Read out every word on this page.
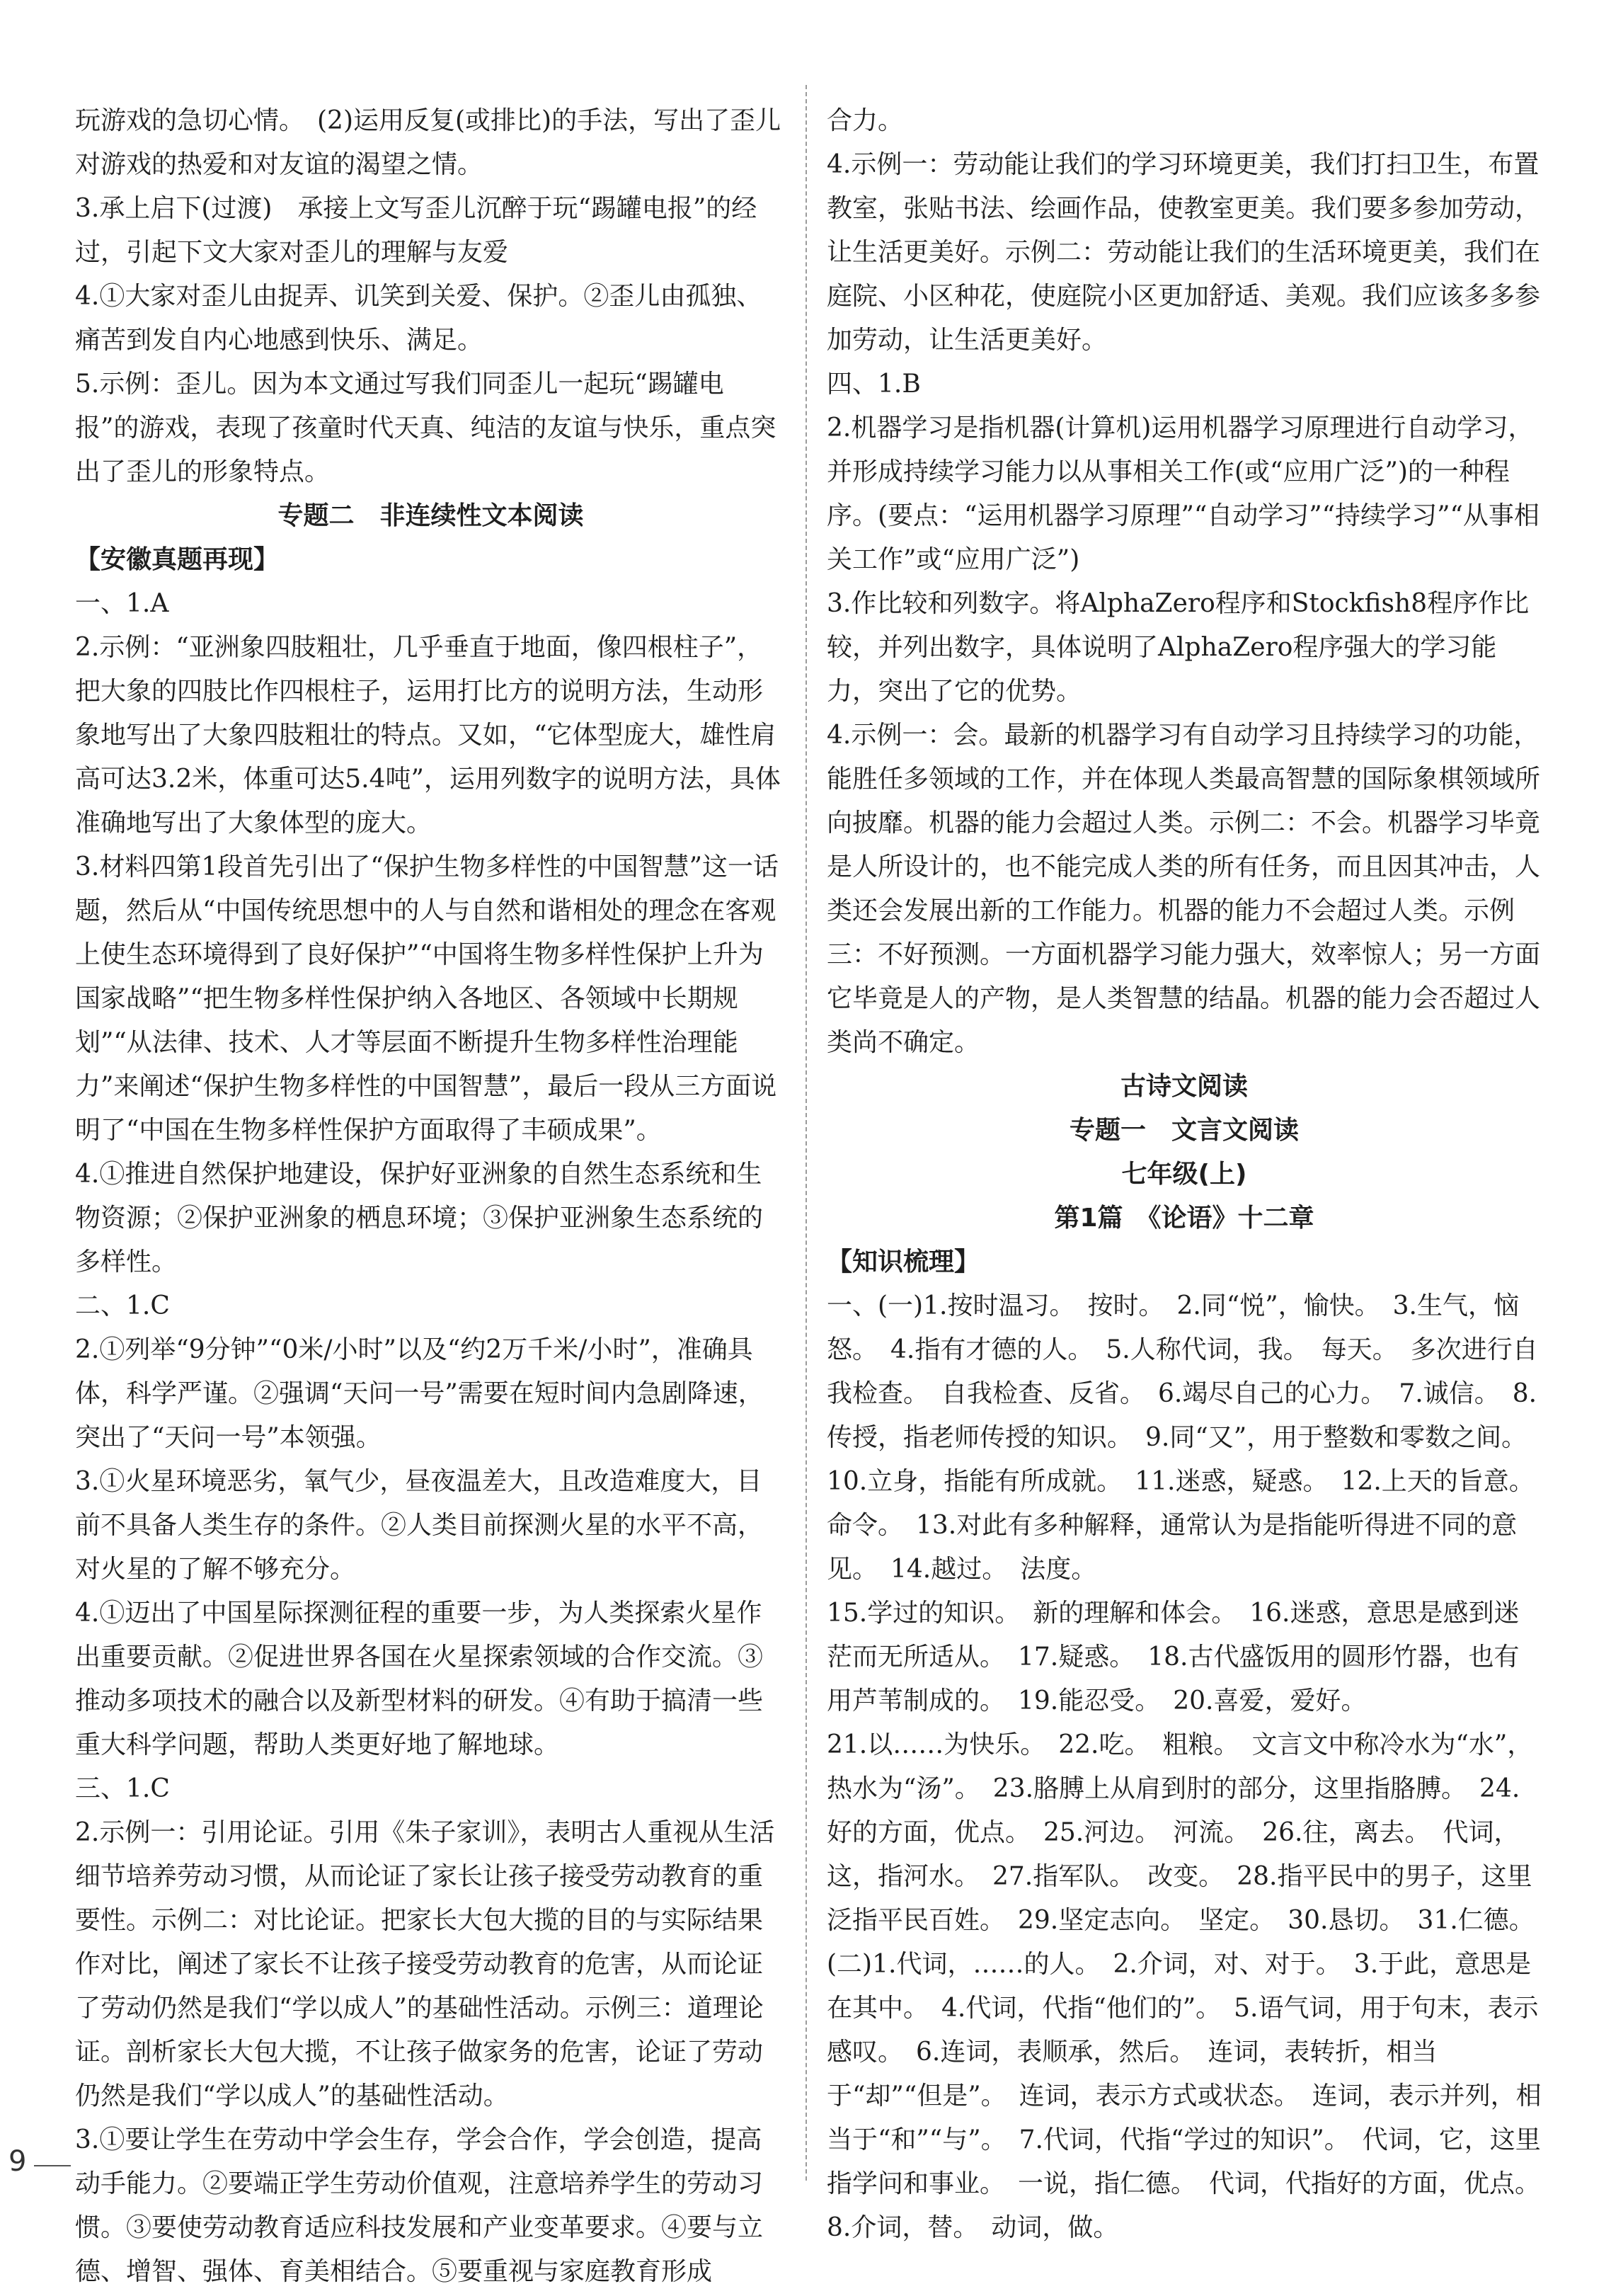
玩游戏的急切心情。　(2)运用反复(或排比)的手法，写出了歪儿对游戏的热爱和对友谊的渴望之情。

3.承上启下(过渡)　承接上文写歪儿沉醉于玩“踢罐电报”的经过，引起下文大家对歪儿的理解与友爱

4.①大家对歪儿由捉弄、讥笑到关爱、保护。②歪儿由孤独、痛苦到发自内心地感到快乐、满足。

5.示例：歪儿。因为本文通过写我们同歪儿一起玩“踢罐电报”的游戏，表现了孩童时代天真、纯洁的友谊与快乐，重点突出了歪儿的形象特点。

专题二　非连续性文本阅读

【安徽真题再现】

一、1.A

2.示例：“亚洲象四肢粗壮，几乎垂直于地面，像四根柱子”，把大象的四肢比作四根柱子，运用打比方的说明方法，生动形象地写出了大象四肢粗壮的特点。又如，“它体型庞大，雄性肩高可达3.2米，体重可达5.4吨”，运用列数字的说明方法，具体准确地写出了大象体型的庞大。

3.材料四第1段首先引出了“保护生物多样性的中国智慧”这一话题，然后从“中国传统思想中的人与自然和谐相处的理念在客观上使生态环境得到了良好保护”“中国将生物多样性保护上升为国家战略”“把生物多样性保护纳入各地区、各领域中长期规划”“从法律、技术、人才等层面不断提升生物多样性治理能力”来阐述“保护生物多样性的中国智慧”，最后一段从三方面说明了“中国在生物多样性保护方面取得了丰硕成果”。

4.①推进自然保护地建设，保护好亚洲象的自然生态系统和生物资源；②保护亚洲象的栖息环境；③保护亚洲象生态系统的多样性。

二、1.C

2.①列举“9分钟”“0米/小时”以及“约2万千米/小时”，准确具体，科学严谨。②强调“天问一号”需要在短时间内急剧降速，突出了“天问一号”本领强。

3.①火星环境恶劣，氧气少，昼夜温差大，且改造难度大，目前不具备人类生存的条件。②人类目前探测火星的水平不高，对火星的了解不够充分。

4.①迈出了中国星际探测征程的重要一步，为人类探索火星作出重要贡献。②促进世界各国在火星探索领域的合作交流。③推动多项技术的融合以及新型材料的研发。④有助于搞清一些重大科学问题，帮助人类更好地了解地球。

三、1.C

2.示例一：引用论证。引用《朱子家训》，表明古人重视从生活细节培养劳动习惯，从而论证了家长让孩子接受劳动教育的重要性。示例二：对比论证。把家长大包大揽的目的与实际结果作对比，阐述了家长不让孩子接受劳动教育的危害，从而论证了劳动仍然是我们“学以成人”的基础性活动。示例三：道理论证。剖析家长大包大揽，不让孩子做家务的危害，论证了劳动仍然是我们“学以成人”的基础性活动。

3.①要让学生在劳动中学会生存，学会合作，学会创造，提高动手能力。②要端正学生劳动价值观，注意培养学生的劳动习惯。③要使劳动教育适应科技发展和产业变革要求。④要与立德、增智、强体、育美相结合。⑤要重视与家庭教育形成

合力。

4.示例一：劳动能让我们的学习环境更美，我们打扫卫生，布置教室，张贴书法、绘画作品，使教室更美。我们要多参加劳动，让生活更美好。示例二：劳动能让我们的生活环境更美，我们在庭院、小区种花，使庭院小区更加舒适、美观。我们应该多多参加劳动，让生活更美好。

四、1.B

2.机器学习是指机器(计算机)运用机器学习原理进行自动学习，并形成持续学习能力以从事相关工作(或“应用广泛”)的一种程序。(要点：“运用机器学习原理”“自动学习”“持续学习”“从事相关工作”或“应用广泛”)

3.作比较和列数字。将AlphaZero程序和Stockfish8程序作比较，并列出数字，具体说明了AlphaZero程序强大的学习能力，突出了它的优势。

4.示例一：会。最新的机器学习有自动学习且持续学习的功能，能胜任多领域的工作，并在体现人类最高智慧的国际象棋领域所向披靡。机器的能力会超过人类。示例二：不会。机器学习毕竟是人所设计的，也不能完成人类的所有任务，而且因其冲击，人类还会发展出新的工作能力。机器的能力不会超过人类。示例三：不好预测。一方面机器学习能力强大，效率惊人；另一方面它毕竟是人的产物，是人类智慧的结晶。机器的能力会否超过人类尚不确定。

古诗文阅读

专题一　文言文阅读

七年级(上)

第1篇　《论语》十二章

【知识梳理】

一、(一)1.按时温习。　按时。　2.同“悦”，愉快。　3.生气，恼怒。　4.指有才德的人。　5.人称代词，我。　每天。　多次进行自我检查。　自我检查、反省。　6.竭尽自己的心力。　7.诚信。　8.传授，指老师传授的知识。　9.同“又”，用于整数和零数之间。　10.立身，指能有所成就。　11.迷惑，疑惑。　12.上天的旨意。　命令。　13.对此有多种解释，通常认为是指能听得进不同的意见。　14.越过。　法度。

15.学过的知识。　新的理解和体会。　16.迷惑，意思是感到迷茫而无所适从。　17.疑惑。　18.古代盛饭用的圆形竹器，也有用芦苇制成的。　19.能忍受。　20.喜爱，爱好。

21.以……为快乐。　22.吃。　粗粮。　文言文中称冷水为“水”，热水为“汤”。　23.胳膊上从肩到肘的部分，这里指胳膊。　24.好的方面，优点。　25.河边。　河流。　26.往，离去。　代词，这，指河水。　27.指军队。　改变。　28.指平民中的男子，这里泛指平民百姓。　29.坚定志向。　坚定。　30.恳切。　31.仁德。

(二)1.代词，……的人。　2.介词，对、对于。　3.于此，意思是在其中。　4.代词，代指“他们的”。　5.语气词，用于句末，表示感叹。　6.连词，表顺承，然后。　连词，表转折，相当于“却”“但是”。　连词，表示方式或状态。　连词，表示并列，相当于“和”“与”。　7.代词，代指“学过的知识”。　代词，它，这里指学问和事业。　一说，指仁德。　代词，代指好的方面，优点。　8.介词，替。　动词，做。

9
